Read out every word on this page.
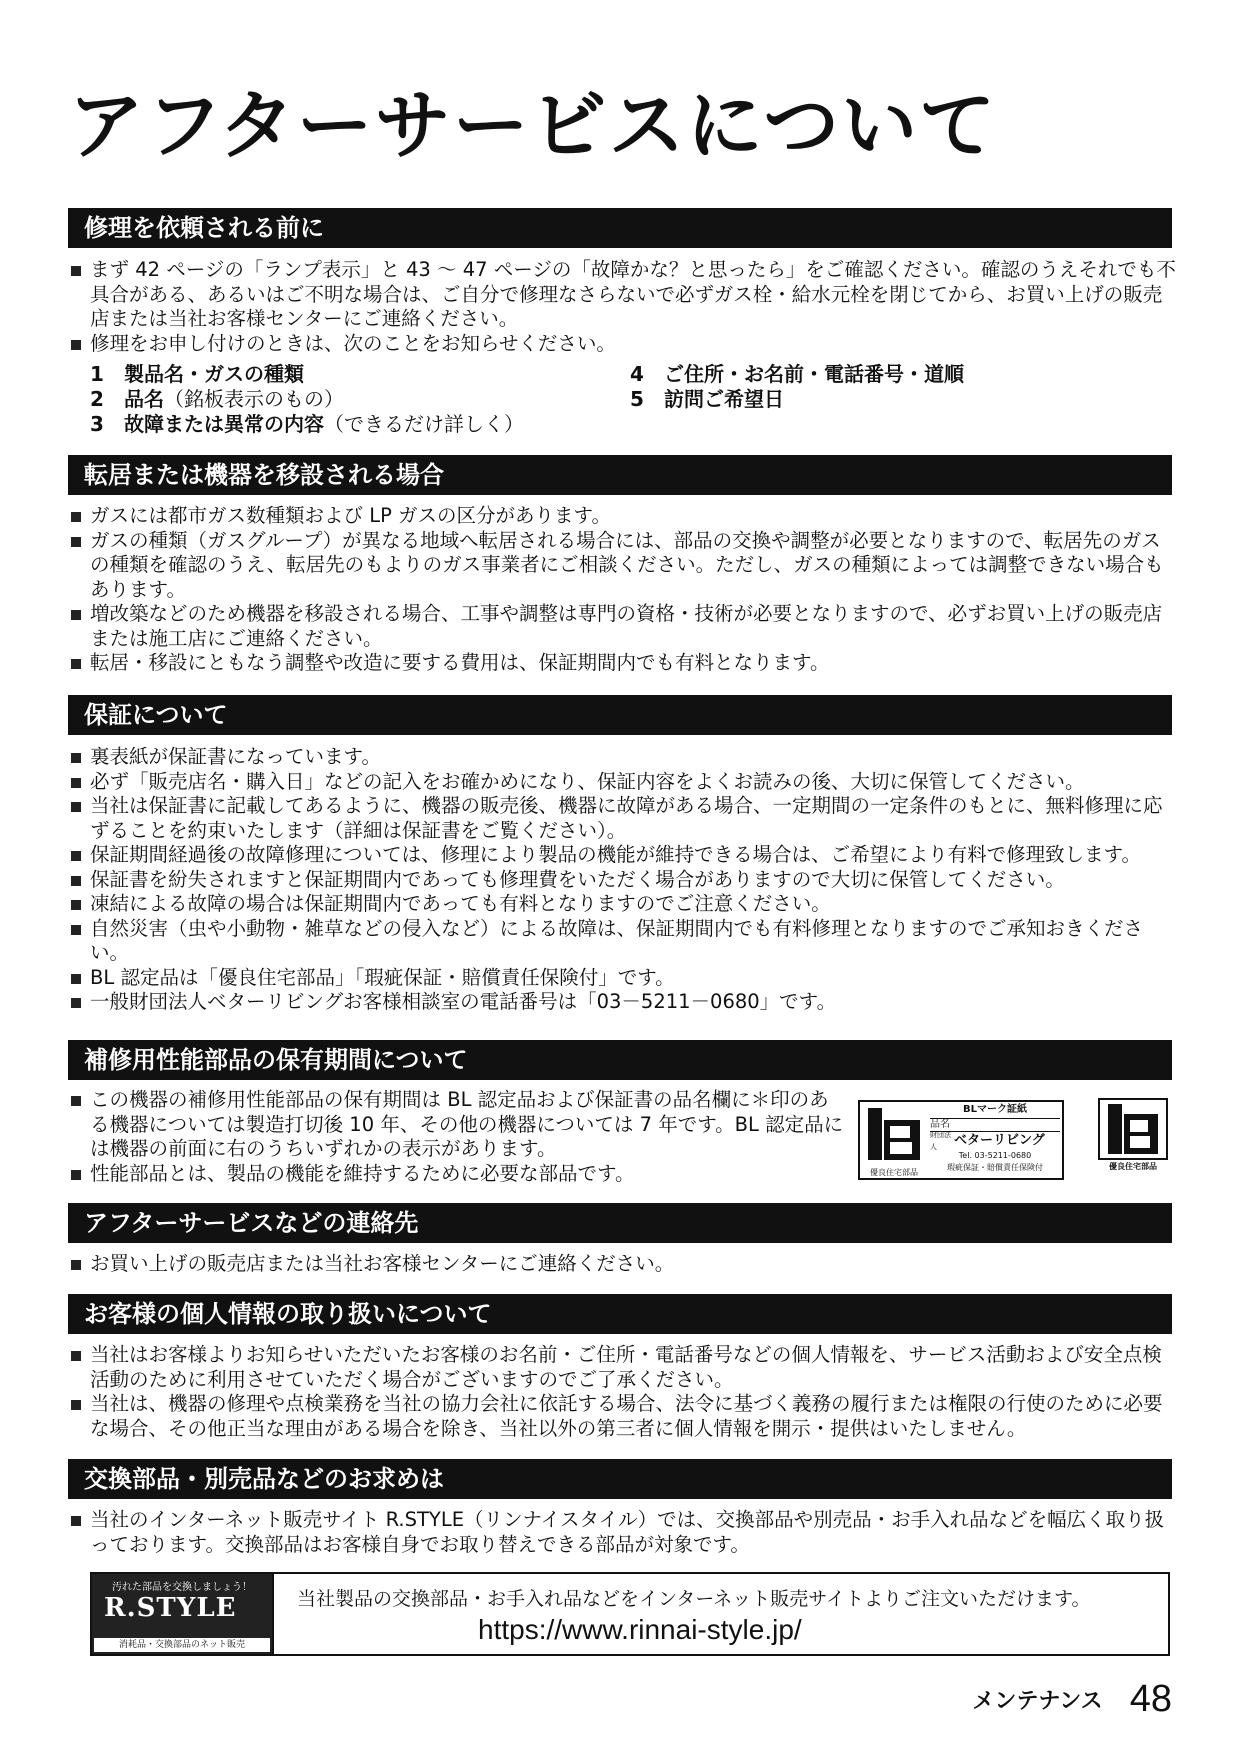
アフターサービスについて
修理を依頼される前に
まず 42 ページの「ランプ表示」と 43 ～ 47 ページの「故障かな？と思ったら」をご確認ください。確認のうえそれでも不具合がある、あるいはご不明な場合は、ご自分で修理なさらないで必ずガス栓・給水元栓を閉じてから、お買い上げの販売店または当社お客様センターにご連絡ください。
修理をお申し付けのときは、次のことをお知らせください。
1	製品名・ガスの種類
2	品名 （銘板表示のもの）
3	故障または異常の内容 （できるだけ詳しく）
4	ご住所・お名前・電話番号・道順
5	訪問ご希望日
転居または機器を移設される場合
ガスには都市ガス数種類および LP ガスの区分があります。
ガスの種類（ガスグループ）が異なる地域へ転居される場合には、部品の交換や調整が必要となりますので、転居先のガスの種類を確認のうえ、転居先のもよりのガス事業者にご相談ください。ただし、ガスの種類によっては調整できない場合もあります。
増改築などのため機器を移設される場合、工事や調整は専門の資格・技術が必要となりますので、必ずお買い上げの販売店または施工店にご連絡ください。
転居・移設にともなう調整や改造に要する費用は、保証期間内でも有料となります。
保証について
裏表紙が保証書になっています。
必ず「販売店名・購入日」などの記入をお確かめになり、保証内容をよくお読みの後、大切に保管してください。
当社は保証書に記載してあるように、機器の販売後、機器に故障がある場合、一定期間の一定条件のもとに、無料修理に応ずることを約束いたします（詳細は保証書をご覧ください）。
保証期間経過後の故障修理については、修理により製品の機能が維持できる場合は、ご希望により有料で修理致します。
保証書を紛失されますと保証期間内であっても修理費をいただく場合がありますので大切に保管してください。
凍結による故障の場合は保証期間内であっても有料となりますのでご注意ください。
自然災害（虫や小動物・雑草などの侵入など）による故障は、保証期間内でも有料修理となりますのでご承知おきください。
BL 認定品は「優良住宅部品」「瑕疵保証・賠償責任保険付」です。
一般財団法人ベターリビングお客様相談室の電話番号は「03－5211－0680」です。
補修用性能部品の保有期間について
この機器の補修用性能部品の保有期間は BL 認定品および保証書の品名欄に＊印のある機器については製造打切後 10 年、その他の機器については 7 年です。BL 認定品には機器の前面に右のうちいずれかの表示があります。
性能部品とは、製品の機能を維持するために必要な部品です。	優良住宅部品
BLマーク証紙
品名
財団法人	ベターリビング
Tel. 03-5211-0680
瑕疵保証・賠償責任保険付	優良住宅部品
アフターサービスなどの連絡先
お買い上げの販売店または当社お客様センターにご連絡ください。
お客様の個人情報の取り扱いについて
当社はお客様よりお知らせいただいたお客様のお名前・ご住所・電話番号などの個人情報を、サービス活動および安全点検活動のために利用させていただく場合がございますのでご了承ください。
当社は、機器の修理や点検業務を当社の協力会社に依託する場合、法令に基づく義務の履行または権限の行使のために必要な場合、その他正当な理由がある場合を除き、当社以外の第三者に個人情報を開示・提供はいたしません。
交換部品・別売品などのお求めは
当社のインターネット販売サイト R.STYLE（リンナイスタイル）では、交換部品や別売品・お手入れ品などを幅広く取り扱っております。交換部品はお客様自身でお取り替えできる部品が対象です。
汚れた部品を交換しましょう！
R.STYLE
消耗品・交換部品のネット販売
当社製品の交換部品・お手入れ品などをインターネット販売サイトよりご注文いただけます。
https://www.rinnai-style.jp/
メンテナンス 48
